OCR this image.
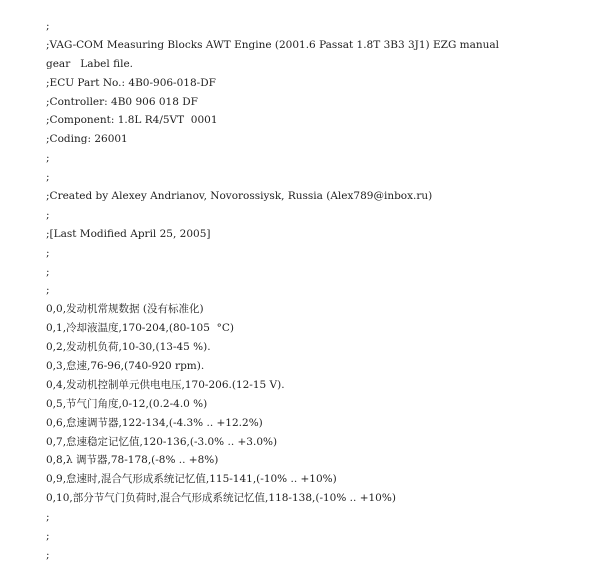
;
;VAG-COM Measuring Blocks AWT Engine (2001.6 Passat 1.8T 3B3 3J1) EZG manual
gear   Label file.
;ECU Part No.: 4B0-906-018-DF
;Controller: 4B0 906 018 DF
;Component: 1.8L R4/5VT  0001
;Coding: 26001
;
;
;Created by Alexey Andrianov, Novorossiysk, Russia (Alex789@inbox.ru)
;
;[Last Modified April 25, 2005]
;
;
;
0,0,发动机常规数据 (没有标准化)
0,1,冷却液温度,170-204,(80-105  °C)
0,2,发动机负荷,10-30,(13-45 %).
0,3,怠速,76-96,(740-920 rpm).
0,4,发动机控制单元供电电压,170-206.(12-15 V).
0,5,节气门角度,0-12,(0.2-4.0 %)
0,6,怠速调节器,122-134,(-4.3% .. +12.2%)
0,7,怠速稳定记忆值,120-136,(-3.0% .. +3.0%)
0,8,λ 调节器,78-178,(-8% .. +8%)
0,9,怠速时,混合气形成系统记忆值,115-141,(-10% .. +10%)
0,10,部分节气门负荷时,混合气形成系统记忆值,118-138,(-10% .. +10%)
;
;
;
